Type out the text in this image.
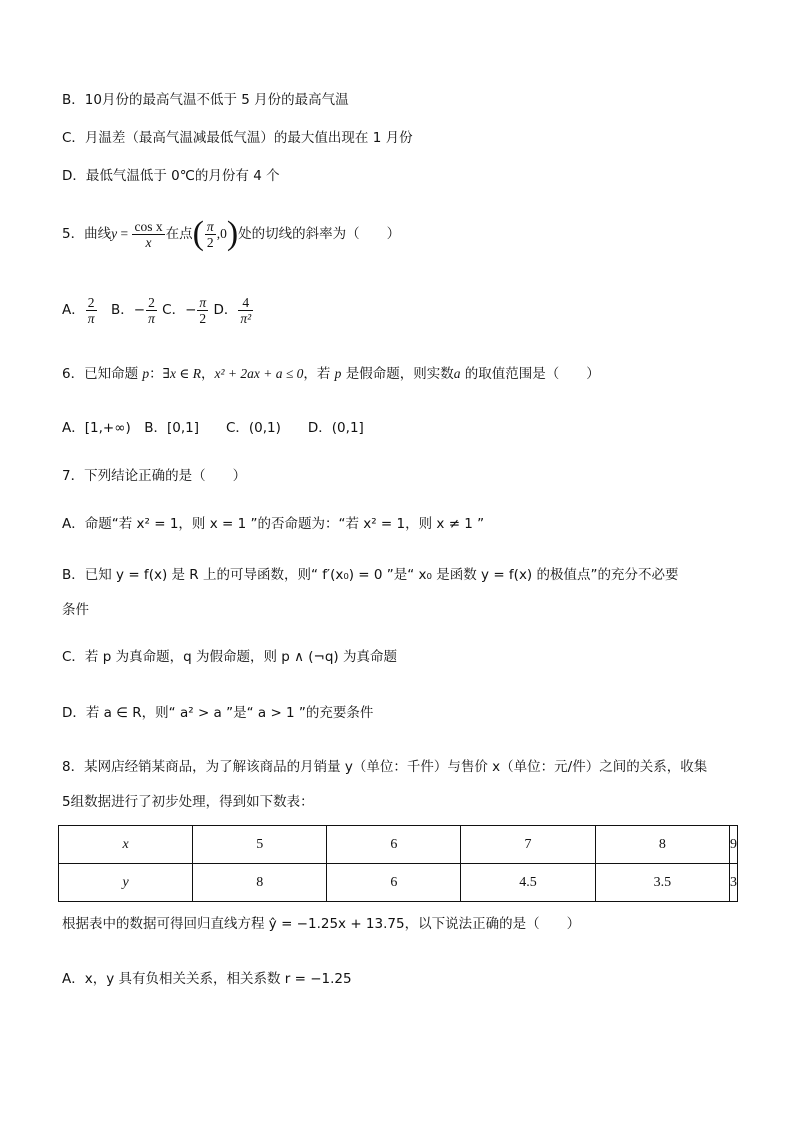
B．10月份的最高气温不低于 5 月份的最高气温
C．月温差（最高气温减最低气温）的最大值出现在 1 月份
D．最低气温低于 0℃的月份有 4 个
5．曲线$y = \frac{\text{cos x}}{x}$ 在点( $\frac{\pi}{2} ,0$)处的切线的斜率为（　　）
A． $\frac{2}{\pi}$ 　B．− $\frac{2}{\pi}$ C．− $\frac{\pi}{2}$ D． $\frac{4}{\text{π²}}$
6．已知命题 p：∃x ∈ R，x² + 2ax + a ≤ 0，若 p 是假命题，则实数a 的取值范围是（　　）
A．[1,+∞)　B．[0,1]　　C．(0,1)　　D．(0,1]
7．下列结论正确的是（　　）
A．命题“若 x² = 1，则 x = 1 ”的否命题为：“若 x² = 1，则 x ≠ 1 ”
B．已知 y = f(x) 是 R 上的可导函数，则“ f′(x₀) = 0 ”是“ x₀ 是函数 y = f(x) 的极值点”的充分不必要
条件
C．若 p 为真命题，q 为假命题，则 p ∧ (¬q) 为真命题
D．若 a ∈ R，则“ a² > a ”是“ a > 1 ”的充要条件
8．某网店经销某商品，为了解该商品的月销量 y（单位：千件）与售价 x（单位：元/件）之间的关系，收集
5组数据进行了初步处理，得到如下数表：
x	5	6	7	8	9
y	8	6	4.5	3.5	3
根据表中的数据可得回归直线方程 ŷ = −1.25x + 13.75，以下说法正确的是（　　）
A．x，y 具有负相关关系，相关系数 r = −1.25
